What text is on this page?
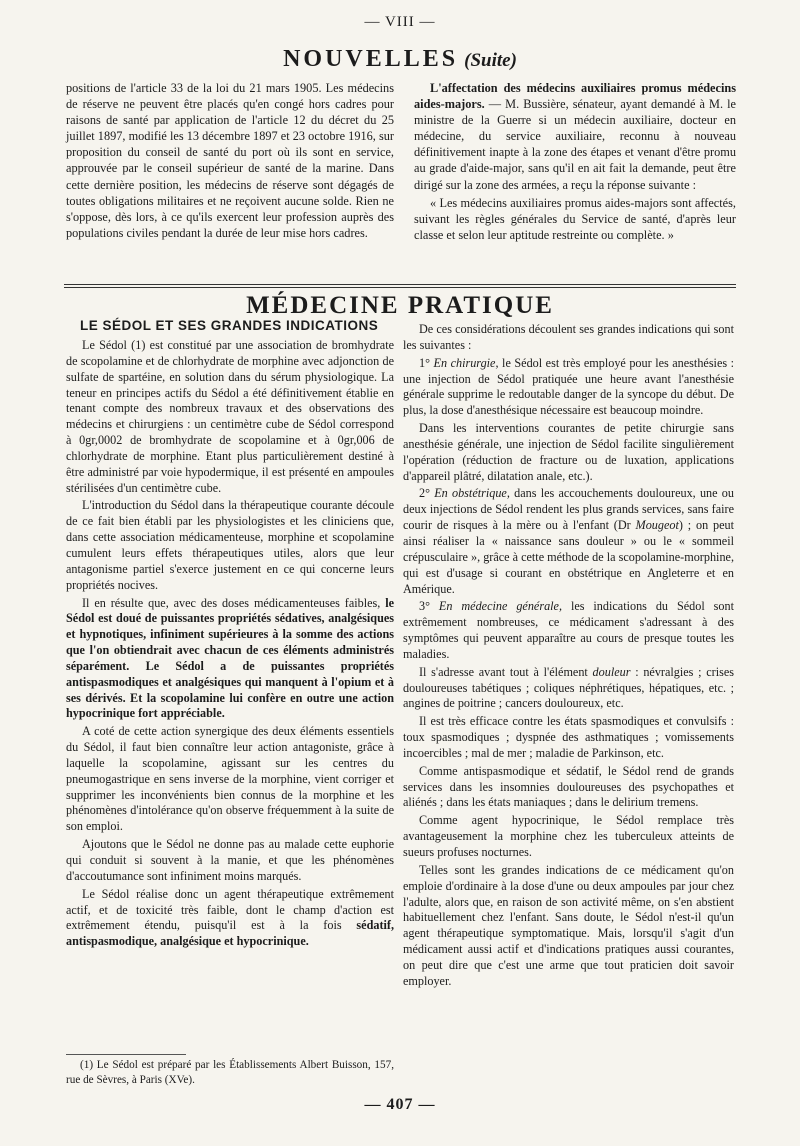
— VIII —
NOUVELLES (Suite)

positions de l'article 33 de la loi du 21 mars 1905. Les médecins de réserve ne peuvent être placés qu'en congé hors cadres pour raisons de santé par application de l'article 12 du décret du 25 juillet 1897, modifié les 13 décembre 1897 et 23 octobre 1916, sur proposition du conseil de santé du port où ils sont en service, approuvée par le conseil supérieur de santé de la marine. Dans cette dernière position, les médecins de réserve sont dégagés de toutes obligations militaires et ne reçoivent aucune solde. Rien ne s'oppose, dès lors, à ce qu'ils exercent leur profession auprès des populations civiles pendant la durée de leur mise hors cadres.

L'affectation des médecins auxiliaires promus médecins aides-majors. — M. Bussière, sénateur, ayant demandé à M. le ministre de la Guerre si un médecin auxiliaire, docteur en médecine, du service auxiliaire, reconnu à nouveau définitivement inapte à la zone des étapes et venant d'être promu au grade d'aide-major, sans qu'il en ait fait la demande, peut être dirigé sur la zone des armées, a reçu la réponse suivante :

« Les médecins auxiliaires promus aides-majors sont affectés, suivant les règles générales du Service de santé, d'après leur classe et selon leur aptitude restreinte ou complète. »

MÉDECINE PRATIQUE
LE SÉDOL ET SES GRANDES INDICATIONS

Le Sédol (1) est constitué par une association de bromhydrate de scopolamine et de chlorhydrate de morphine avec adjonction de sulfate de spartéine, en solution dans du sérum physiologique. La teneur en principes actifs du Sédol a été définitivement établie en tenant compte des nombreux travaux et des observations des médecins et chirurgiens : un centimètre cube de Sédol correspond à 0gr,0002 de bromhydrate de scopolamine et à 0gr,006 de chlorhydrate de morphine. Etant plus particulièrement destiné à être administré par voie hypodermique, il est présenté en ampoules stérilisées d'un centimètre cube.

L'introduction du Sédol dans la thérapeutique courante découle de ce fait bien établi par les physiologistes et les cliniciens que, dans cette association médicamenteuse, morphine et scopolamine cumulent leurs effets thérapeutiques utiles, alors que leur antagonisme partiel s'exerce justement en ce qui concerne leurs propriétés nocives.

Il en résulte que, avec des doses médicamenteuses faibles, le Sédol est doué de puissantes propriétés sédatives, analgésiques et hypnotiques, infiniment supérieures à la somme des actions que l'on obtiendrait avec chacun de ces éléments administrés séparément. Le Sédol a de puissantes propriétés antispasmodiques et analgésiques qui manquent à l'opium et à ses dérivés. Et la scopolamine lui confère en outre une action hypocrinique fort appréciable.

A coté de cette action synergique des deux éléments essentiels du Sédol, il faut bien connaître leur action antagoniste, grâce à laquelle la scopolamine, agissant sur les centres du pneumogastrique en sens inverse de la morphine, vient corriger et supprimer les inconvénients bien connus de la morphine et les phénomènes d'intolérance qu'on observe fréquemment à la suite de son emploi.

Ajoutons que le Sédol ne donne pas au malade cette euphorie qui conduit si souvent à la manie, et que les phénomènes d'accoutumance sont infiniment moins marqués.

Le Sédol réalise donc un agent thérapeutique extrêmement actif, et de toxicité très faible, dont le champ d'action est extrêmement étendu, puisqu'il est à la fois sédatif, antispasmodique, analgésique et hypocrinique.

(1) Le Sédol est préparé par les Établissements Albert Buisson, 157, rue de Sèvres, à Paris (XVe).

De ces considérations découlent ses grandes indications qui sont les suivantes :

1° En chirurgie, le Sédol est très employé pour les anesthésies : une injection de Sédol pratiquée une heure avant l'anesthésie générale supprime le redoutable danger de la syncope du début. De plus, la dose d'anesthésique nécessaire est beaucoup moindre.

Dans les interventions courantes de petite chirurgie sans anesthésie générale, une injection de Sédol facilite singulièrement l'opération (réduction de fracture ou de luxation, applications d'appareil plâtré, dilatation anale, etc.).

2° En obstétrique, dans les accouchements douloureux, une ou deux injections de Sédol rendent les plus grands services, sans faire courir de risques à la mère ou à l'enfant (Dr Mougeot) ; on peut ainsi réaliser la « naissance sans douleur » ou le « sommeil crépusculaire », grâce à cette méthode de la scopolamine-morphine, qui est d'usage si courant en obstétrique en Angleterre et en Amérique.

3° En médecine générale, les indications du Sédol sont extrêmement nombreuses, ce médicament s'adressant à des symptômes qui peuvent apparaître au cours de presque toutes les maladies.

Il s'adresse avant tout à l'élément douleur : névralgies ; crises douloureuses tabétiques ; coliques néphrétiques, hépatiques, etc. ; angines de poitrine ; cancers douloureux, etc.

Il est très efficace contre les états spasmodiques et convulsifs : toux spasmodiques ; dyspnée des asthmatiques ; vomissements incoercibles ; mal de mer ; maladie de Parkinson, etc.

Comme antispasmodique et sédatif, le Sédol rend de grands services dans les insomnies douloureuses des psychopathes et aliénés ; dans les états maniaques ; dans le delirium tremens.

Comme agent hypocrinique, le Sédol remplace très avantageusement la morphine chez les tuberculeux atteints de sueurs profuses nocturnes.

Telles sont les grandes indications de ce médicament qu'on emploie d'ordinaire à la dose d'une ou deux ampoules par jour chez l'adulte, alors que, en raison de son activité même, on s'en abstient habituellement chez l'enfant. Sans doute, le Sédol n'est-il qu'un agent thérapeutique symptomatique. Mais, lorsqu'il s'agit d'un médicament aussi actif et d'indications pratiques aussi courantes, on peut dire que c'est une arme que tout praticien doit savoir employer.

— 407 —
